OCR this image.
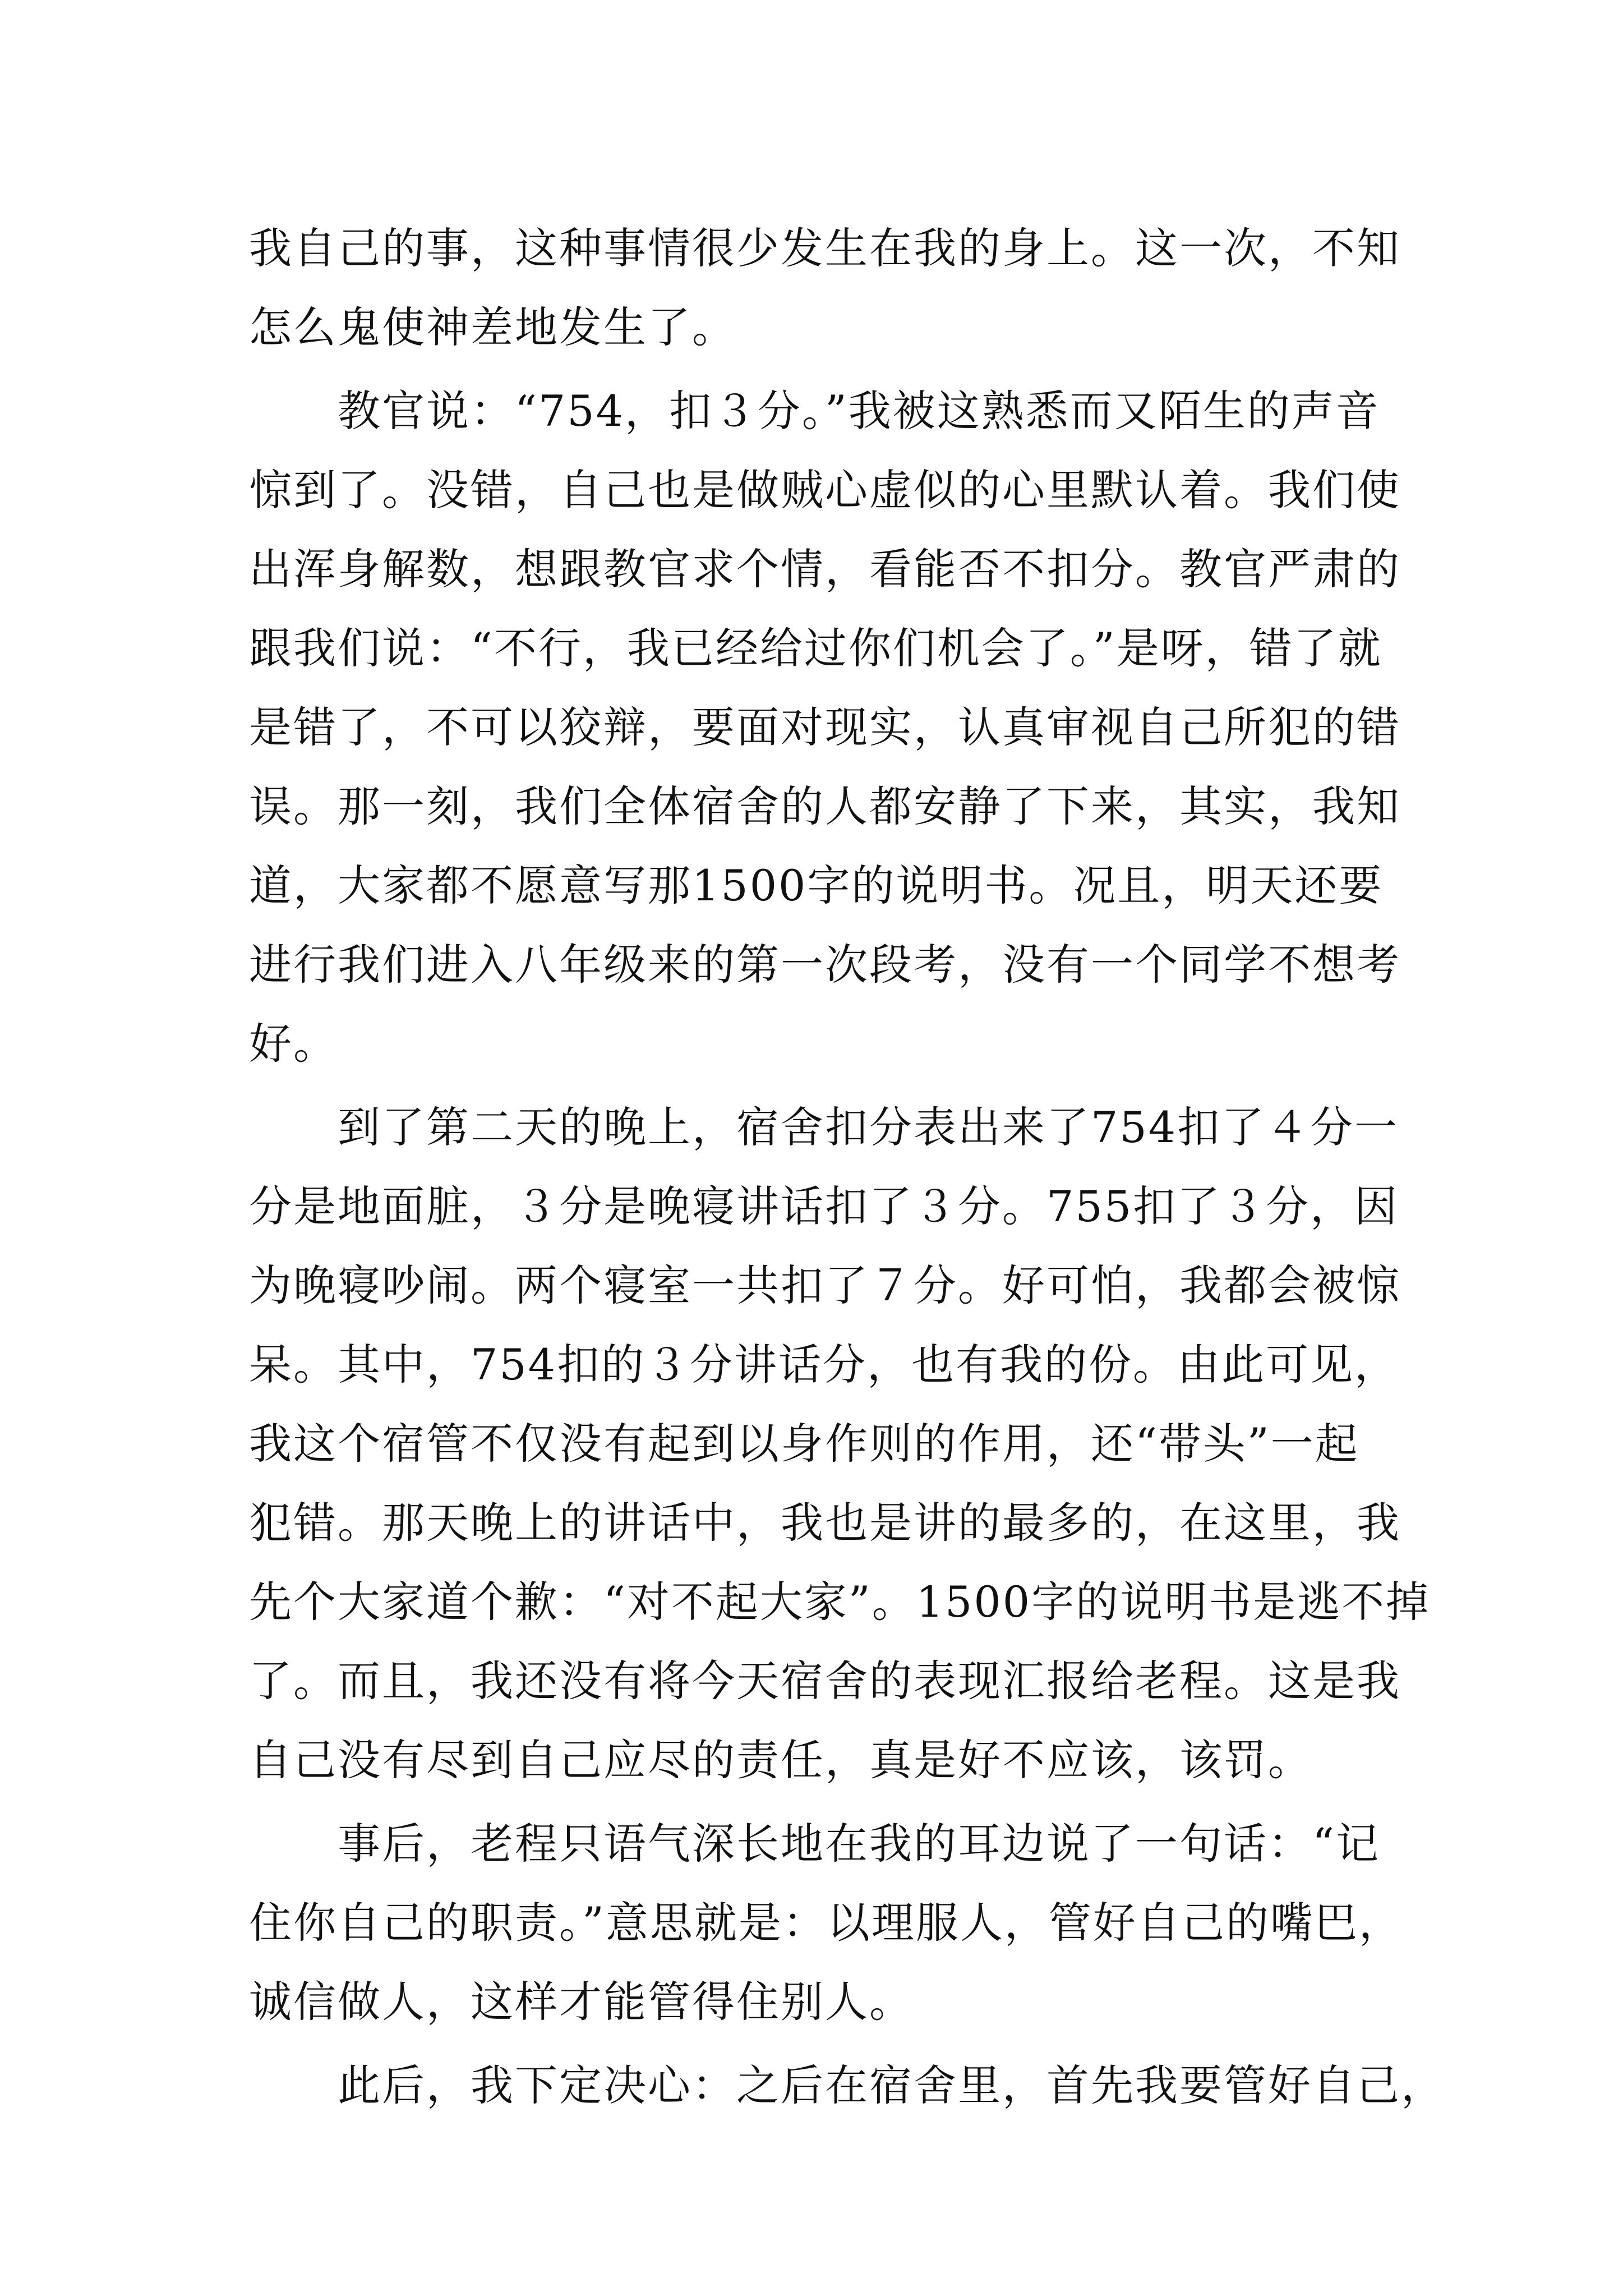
我自己的事，这种事情很少发生在我的身上。这一次，不知
怎么鬼使神差地发生了。
　　教官说：“754，扣３分。”我被这熟悉而又陌生的声音
惊到了。没错，自己也是做贼心虚似的心里默认着。我们使
出浑身解数，想跟教官求个情，看能否不扣分。教官严肃的
跟我们说：“不行，我已经给过你们机会了。”是呀，错了就
是错了，不可以狡辩，要面对现实，认真审视自己所犯的错
误。那一刻，我们全体宿舍的人都安静了下来，其实，我知
道，大家都不愿意写那1500字的说明书。况且，明天还要
进行我们进入八年级来的第一次段考，没有一个同学不想考
好。
　　到了第二天的晚上，宿舍扣分表出来了754扣了４分一
分是地面脏，３分是晚寝讲话扣了３分。755扣了３分，因
为晚寝吵闹。两个寝室一共扣了７分。好可怕，我都会被惊
呆。其中，754扣的３分讲话分，也有我的份。由此可见，
我这个宿管不仅没有起到以身作则的作用，还“带头”一起
犯错。那天晚上的讲话中，我也是讲的最多的，在这里，我
先个大家道个歉：“对不起大家”。1500字的说明书是逃不掉
了。而且，我还没有将今天宿舍的表现汇报给老程。这是我
自己没有尽到自己应尽的责任，真是好不应该，该罚。
　　事后，老程只语气深长地在我的耳边说了一句话：“记
住你自己的职责。”意思就是：以理服人，管好自己的嘴巴，
诚信做人，这样才能管得住别人。
　　此后，我下定决心：之后在宿舍里，首先我要管好自己，
